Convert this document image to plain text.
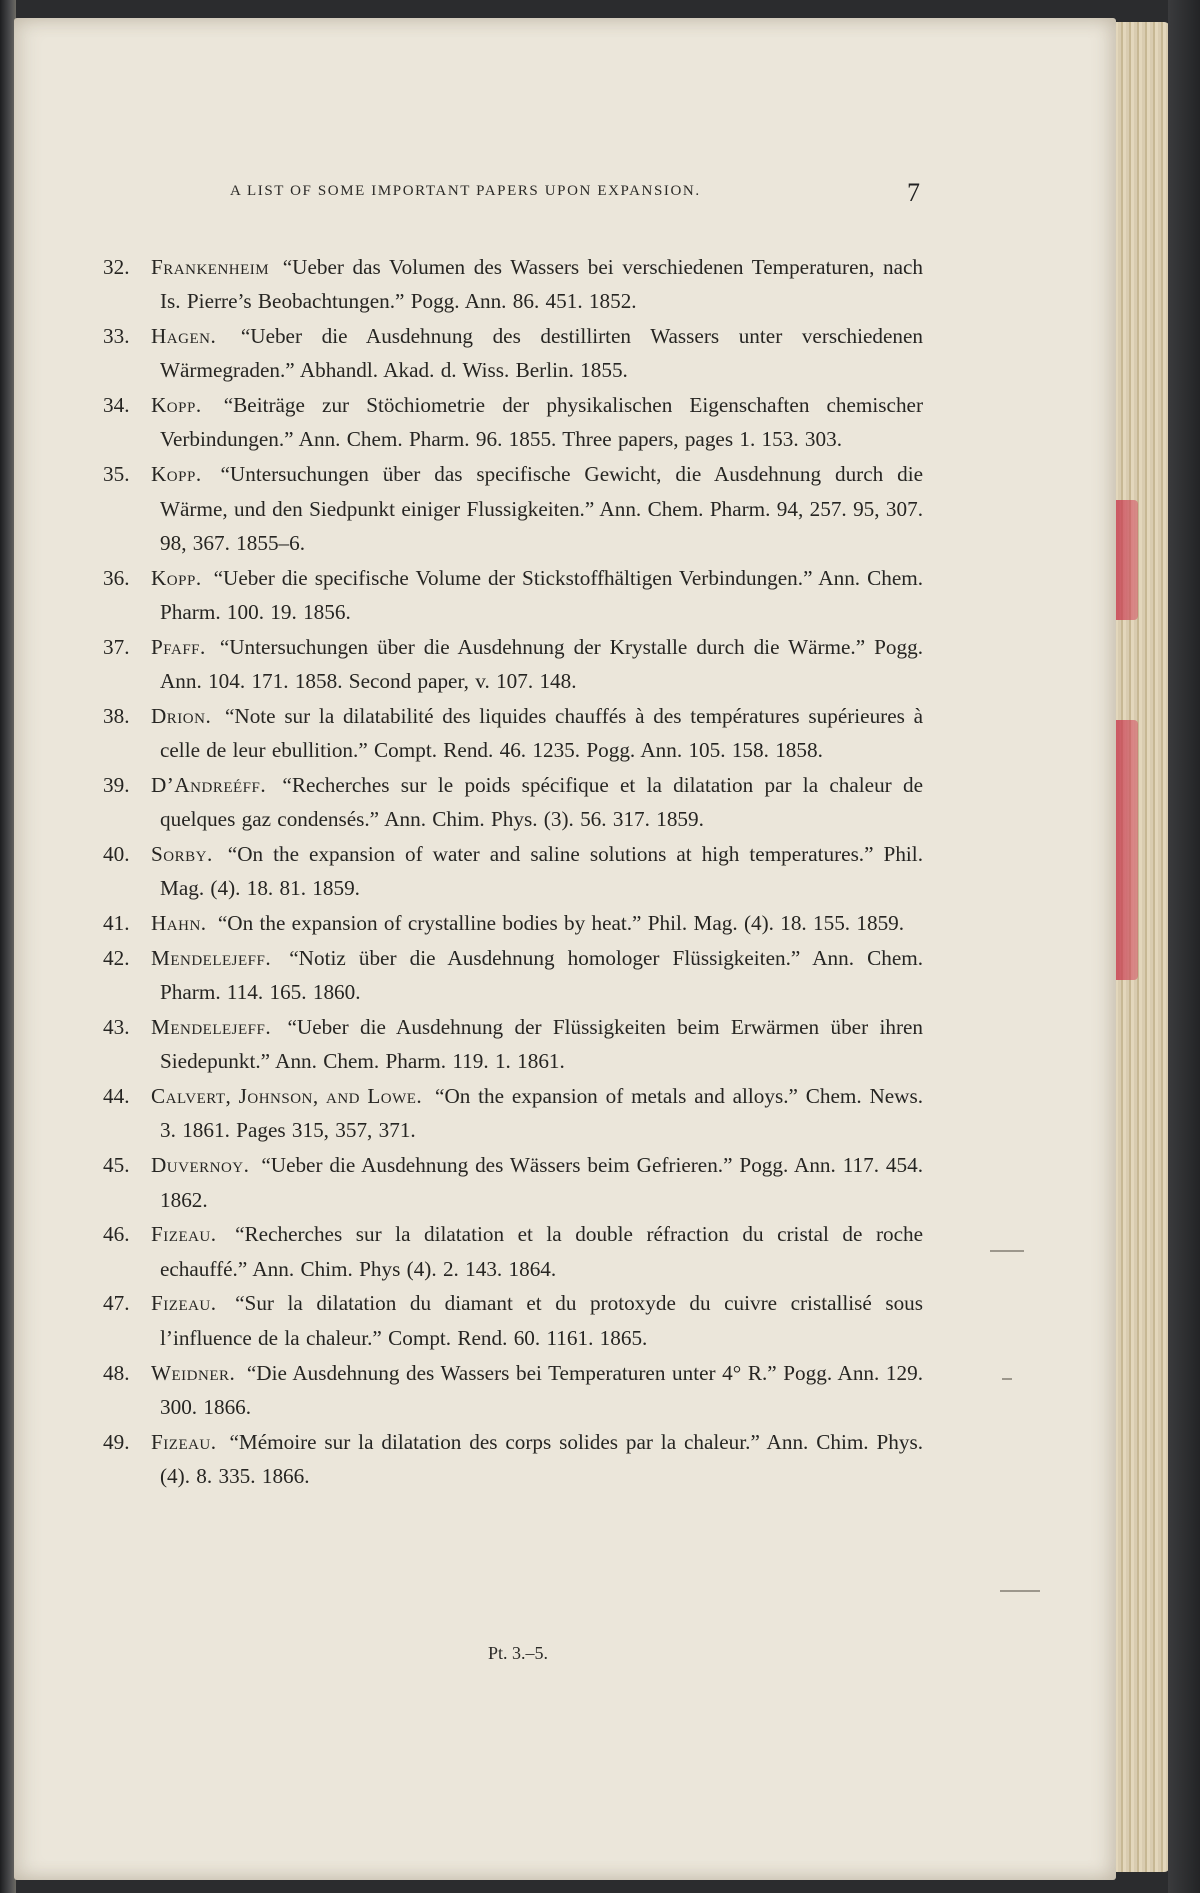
A LIST OF SOME IMPORTANT PAPERS UPON EXPANSION.	7
32. Frankenheim “Ueber das Volumen des Wassers bei verschiedenen Temperaturen, nach Is. Pierre’s Beobachtungen.” Pogg. Ann. 86. 451. 1852.
33. Hagen. “Ueber die Ausdehnung des destillirten Wassers unter verschiedenen Wärmegraden.” Abhandl. Akad. d. Wiss. Berlin. 1855.
34. Kopp. “Beiträge zur Stöchiometrie der physikalischen Eigenschaften chemischer Verbindungen.” Ann. Chem. Pharm. 96. 1855. Three papers, pages 1. 153. 303.
35. Kopp. “Untersuchungen über das specifische Gewicht, die Ausdehnung durch die Wärme, und den Siedpunkt einiger Flussigkeiten.” Ann. Chem. Pharm. 94, 257. 95, 307. 98, 367. 1855–6.
36. Kopp. “Ueber die specifische Volume der Stickstoffhältigen Verbindungen.” Ann. Chem. Pharm. 100. 19. 1856.
37. Pfaff. “Untersuchungen über die Ausdehnung der Krystalle durch die Wärme.” Pogg. Ann. 104. 171. 1858. Second paper, v. 107. 148.
38. Drion. “Note sur la dilatabilité des liquides chauffés à des températures supérieures à celle de leur ebullition.” Compt. Rend. 46. 1235. Pogg. Ann. 105. 158. 1858.
39. D’Andreéff. “Recherches sur le poids spécifique et la dilatation par la chaleur de quelques gaz condensés.” Ann. Chim. Phys. (3). 56. 317. 1859.
40. Sorby. “On the expansion of water and saline solutions at high temperatures.” Phil. Mag. (4). 18. 81. 1859.
41. Hahn. “On the expansion of crystalline bodies by heat.” Phil. Mag. (4). 18. 155. 1859.
42. Mendelejeff. “Notiz über die Ausdehnung homologer Flüssigkeiten.” Ann. Chem. Pharm. 114. 165. 1860.
43. Mendelejeff. “Ueber die Ausdehnung der Flüssigkeiten beim Erwärmen über ihren Siedepunkt.” Ann. Chem. Pharm. 119. 1. 1861.
44. Calvert, Johnson, and Lowe. “On the expansion of metals and alloys.” Chem. News. 3. 1861. Pages 315, 357, 371.
45. Duvernoy. “Ueber die Ausdehnung des Wässers beim Gefrieren.” Pogg. Ann. 117. 454. 1862.
46. Fizeau. “Recherches sur la dilatation et la double réfraction du cristal de roche echauffé.” Ann. Chim. Phys (4). 2. 143. 1864.
47. Fizeau. “Sur la dilatation du diamant et du protoxyde du cuivre cristallisé sous l’influence de la chaleur.” Compt. Rend. 60. 1161. 1865.
48. Weidner. “Die Ausdehnung des Wassers bei Temperaturen unter 4° R.” Pogg. Ann. 129. 300. 1866.
49. Fizeau. “Mémoire sur la dilatation des corps solides par la chaleur.” Ann. Chim. Phys. (4). 8. 335. 1866.
Pt. 3.–5.
